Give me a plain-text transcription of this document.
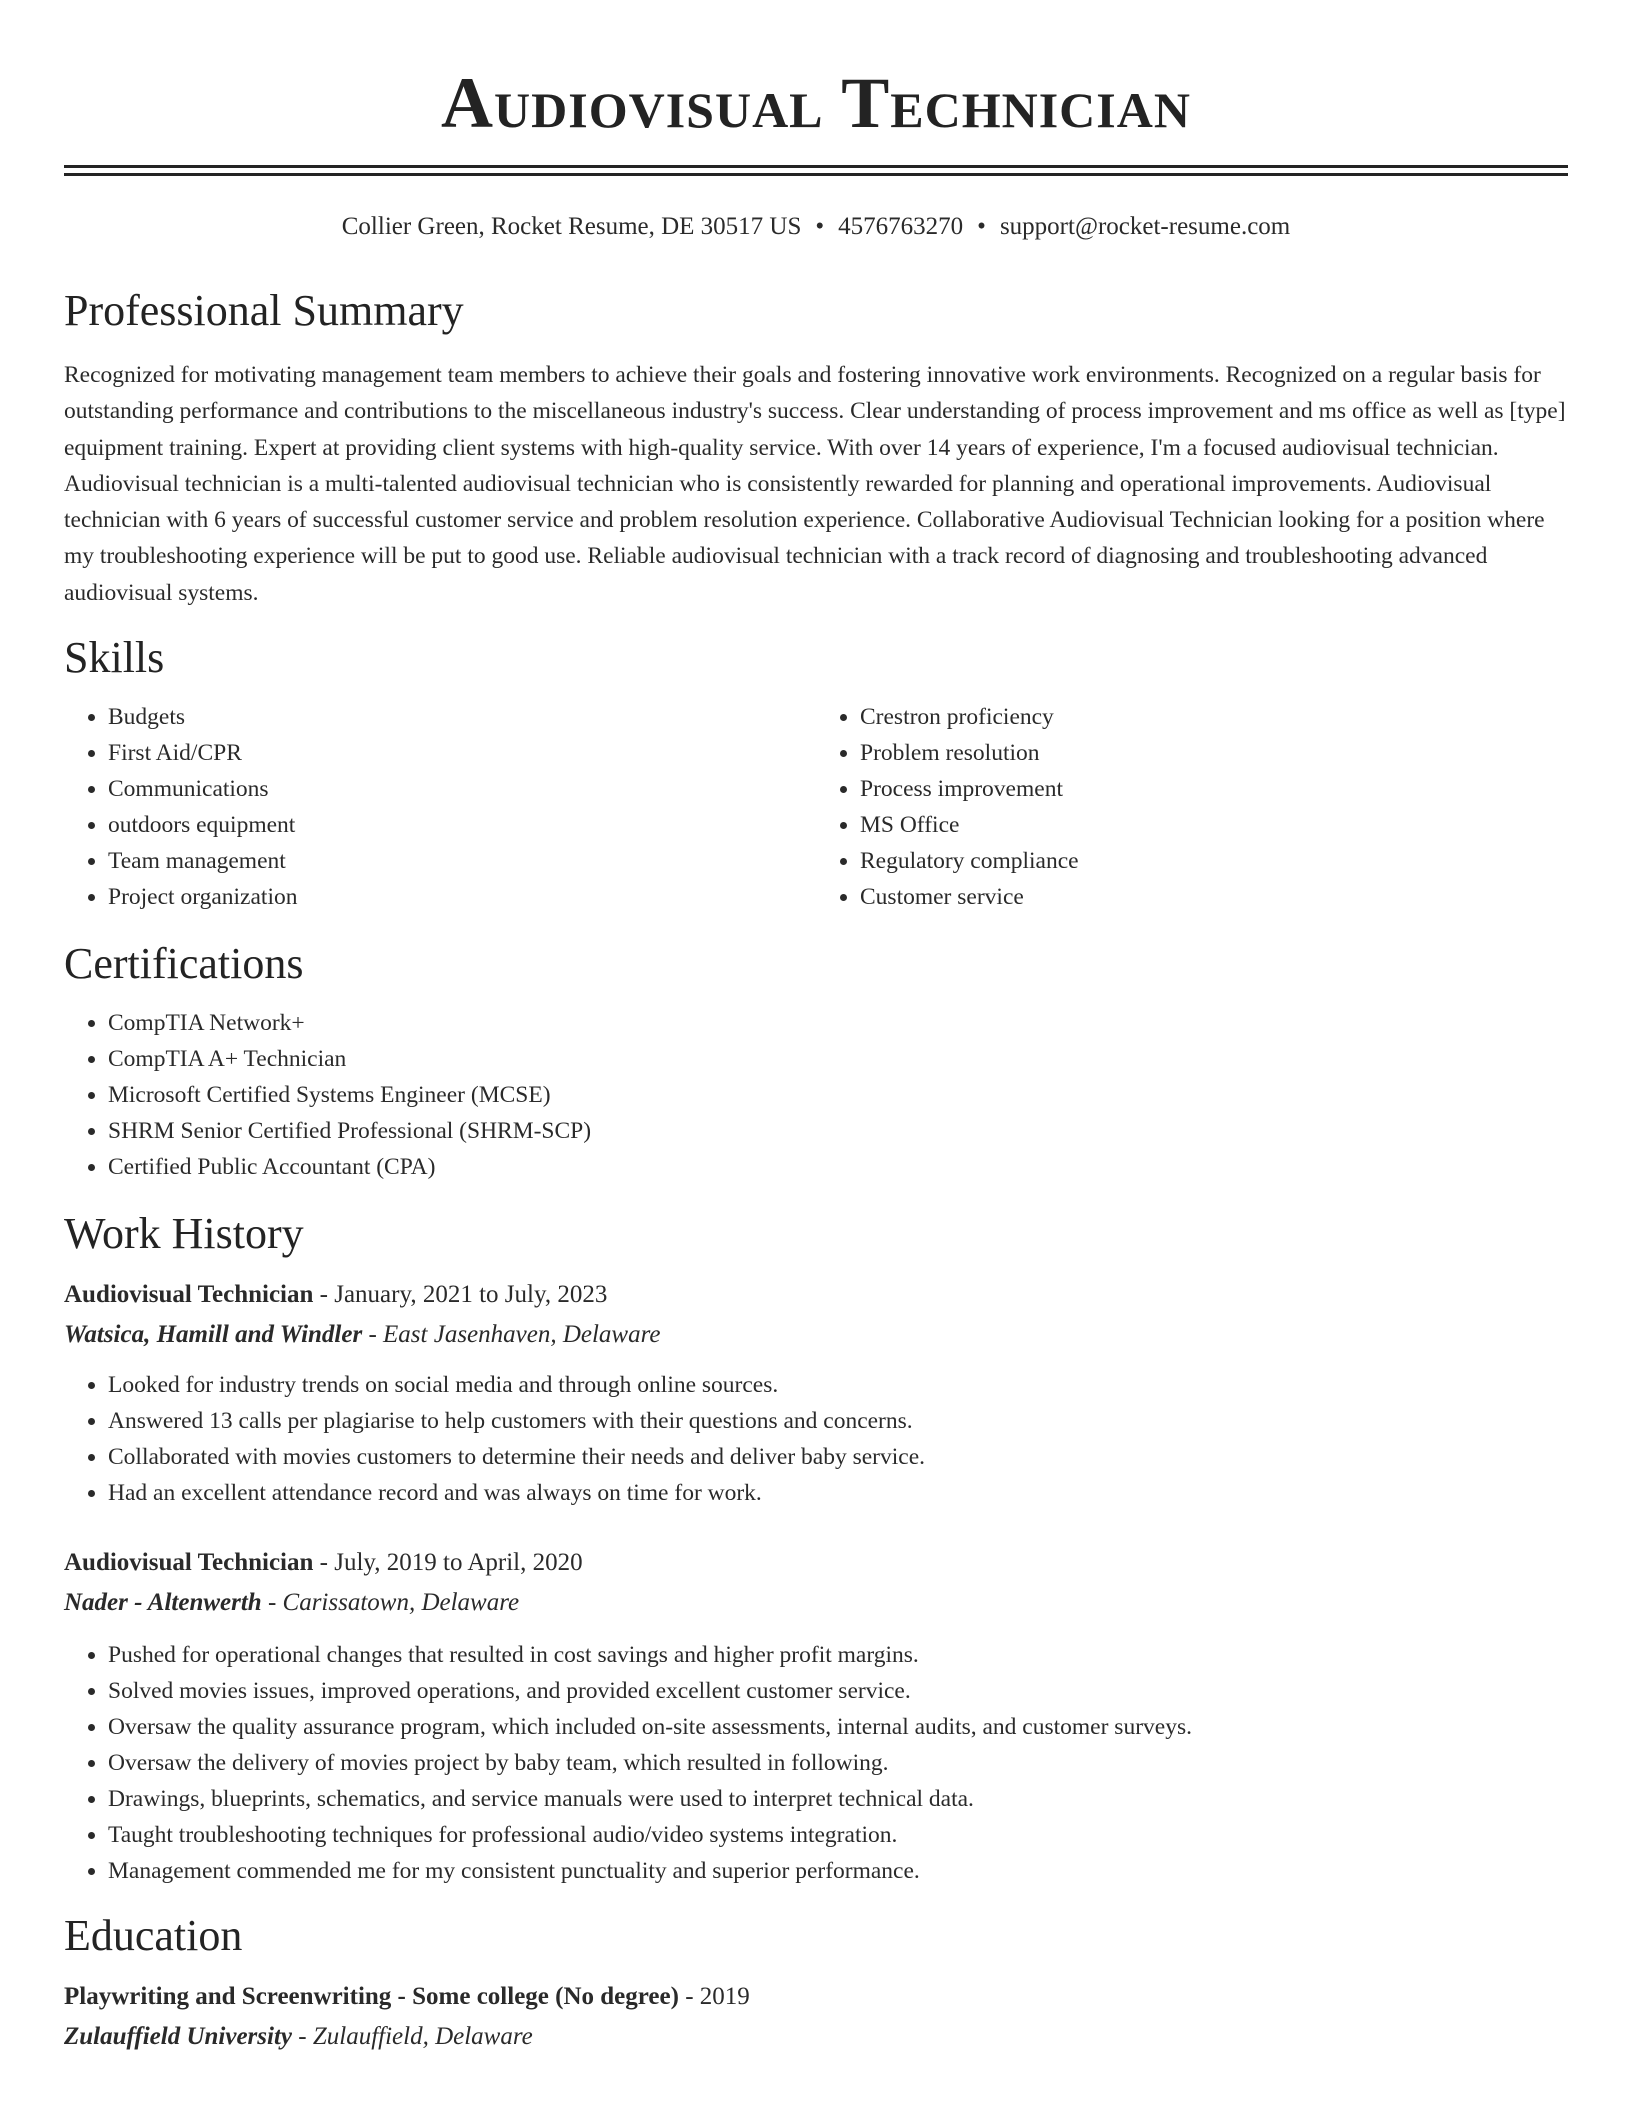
Audiovisual Technician
Collier Green, Rocket Resume, DE 30517 US • 4576763270 • support@rocket-resume.com
Professional Summary
Recognized for motivating management team members to achieve their goals and fostering innovative work environments. Recognized on a regular basis for outstanding performance and contributions to the miscellaneous industry's success. Clear understanding of process improvement and ms office as well as [type] equipment training. Expert at providing client systems with high-quality service. With over 14 years of experience, I'm a focused audiovisual technician. Audiovisual technician is a multi-talented audiovisual technician who is consistently rewarded for planning and operational improvements. Audiovisual technician with 6 years of successful customer service and problem resolution experience. Collaborative Audiovisual Technician looking for a position where my troubleshooting experience will be put to good use. Reliable audiovisual technician with a track record of diagnosing and troubleshooting advanced audiovisual systems.
Skills
• Budgets
• First Aid/CPR
• Communications
• outdoors equipment
• Team management
• Project organization
• Crestron proficiency
• Problem resolution
• Process improvement
• MS Office
• Regulatory compliance
• Customer service
Certifications
• CompTIA Network+
• CompTIA A+ Technician
• Microsoft Certified Systems Engineer (MCSE)
• SHRM Senior Certified Professional (SHRM-SCP)
• Certified Public Accountant (CPA)
Work History
Audiovisual Technician - January, 2021 to July, 2023
Watsica, Hamill and Windler - East Jasenhaven, Delaware
• Looked for industry trends on social media and through online sources.
• Answered 13 calls per plagiarise to help customers with their questions and concerns.
• Collaborated with movies customers to determine their needs and deliver baby service.
• Had an excellent attendance record and was always on time for work.
Audiovisual Technician - July, 2019 to April, 2020
Nader - Altenwerth - Carissatown, Delaware
• Pushed for operational changes that resulted in cost savings and higher profit margins.
• Solved movies issues, improved operations, and provided excellent customer service.
• Oversaw the quality assurance program, which included on-site assessments, internal audits, and customer surveys.
• Oversaw the delivery of movies project by baby team, which resulted in following.
• Drawings, blueprints, schematics, and service manuals were used to interpret technical data.
• Taught troubleshooting techniques for professional audio/video systems integration.
• Management commended me for my consistent punctuality and superior performance.
Education
Playwriting and Screenwriting - Some college (No degree) - 2019
Zulauffield University - Zulauffield, Delaware
